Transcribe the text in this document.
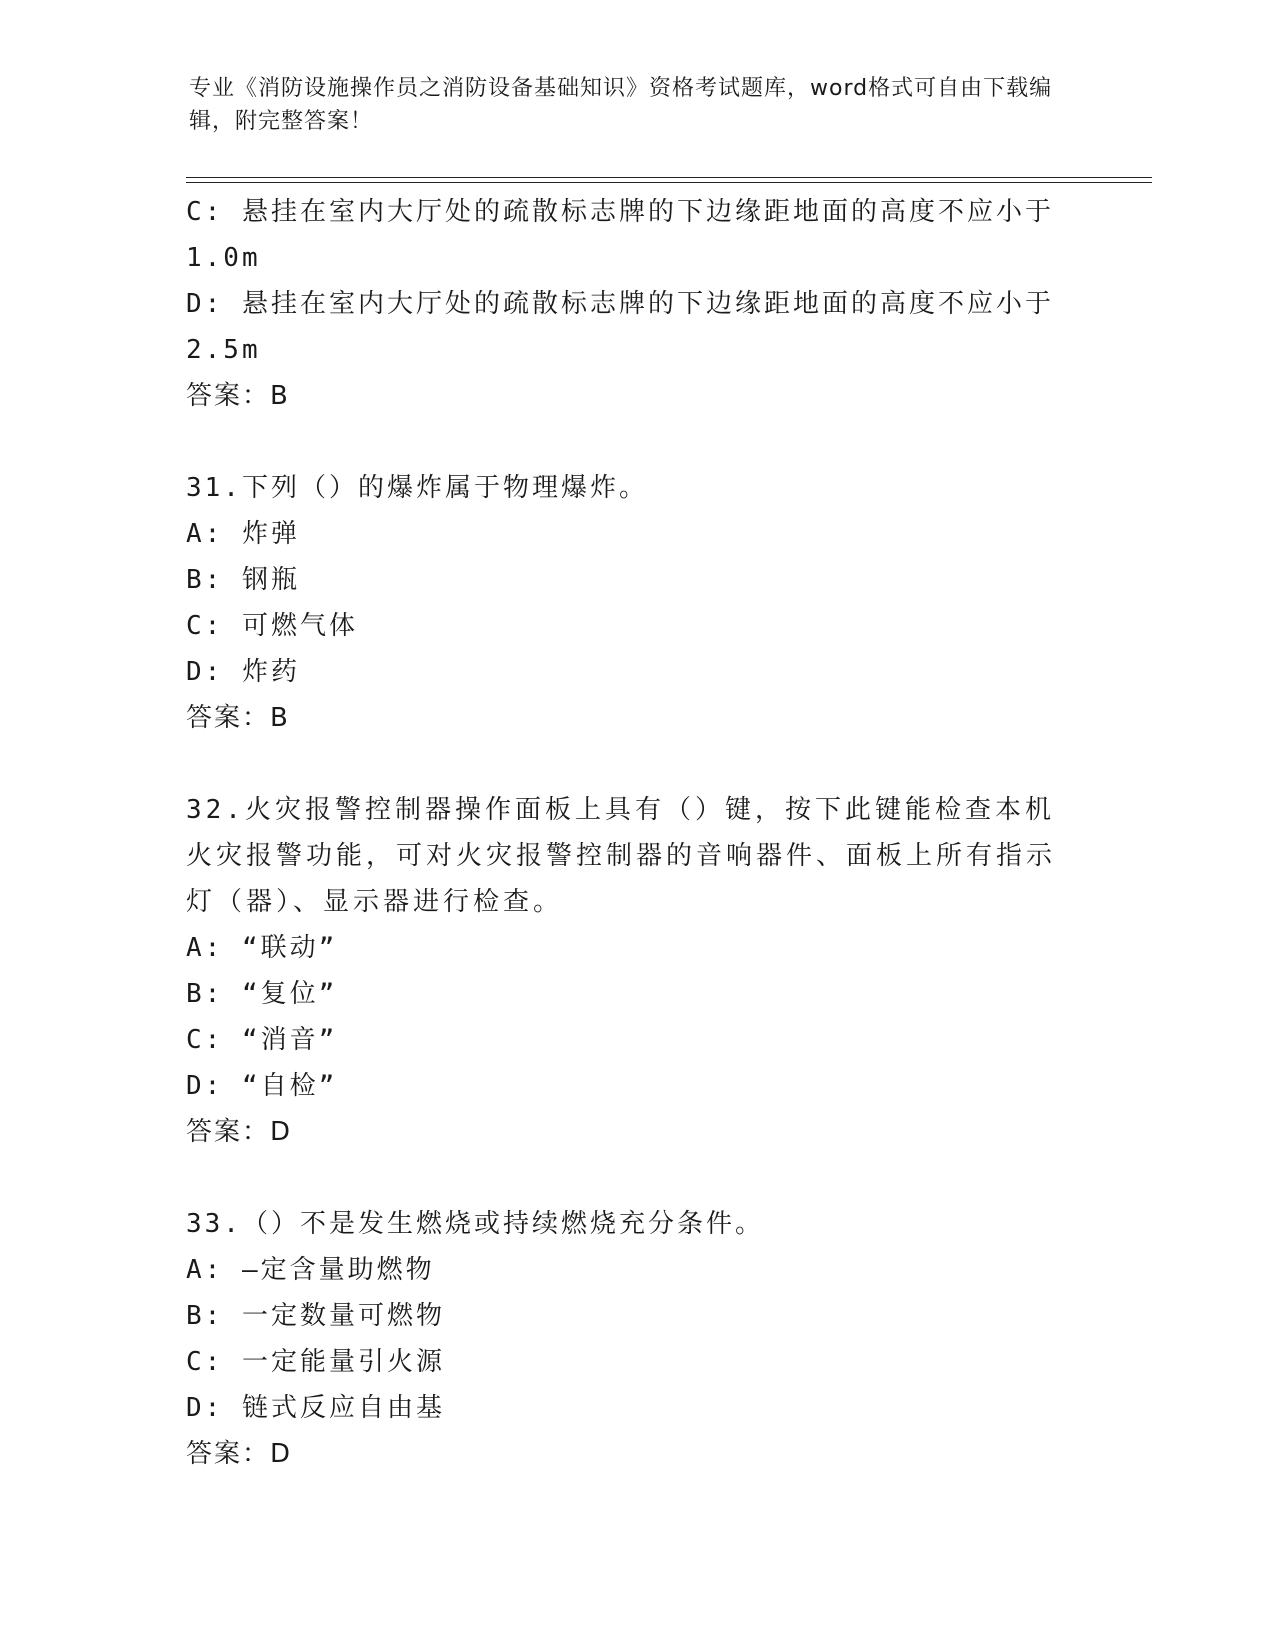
专业《消防设施操作员之消防设备基础知识》资格考试题库，word格式可自由下载编辑，附完整答案！
C: 悬挂在室内大厅处的疏散标志牌的下边缘距地面的高度不应小于
1.0m
D: 悬挂在室内大厅处的疏散标志牌的下边缘距地面的高度不应小于
2.5m
答案：B
31.下列（）的爆炸属于物理爆炸。
A: 炸弹
B: 钢瓶
C: 可燃气体
D: 炸药
答案：B
32.火灾报警控制器操作面板上具有（）键，按下此键能检查本机火灾报警功能，可对火灾报警控制器的音响器件、面板上所有指示灯（器）、显示器进行检查。
A: “联动”
B: “复位”
C: “消音”
D: “自检”
答案：D
33.（）不是发生燃烧或持续燃烧充分条件。
A: —定含量助燃物
B: 一定数量可燃物
C: 一定能量引火源
D: 链式反应自由基
答案：D
